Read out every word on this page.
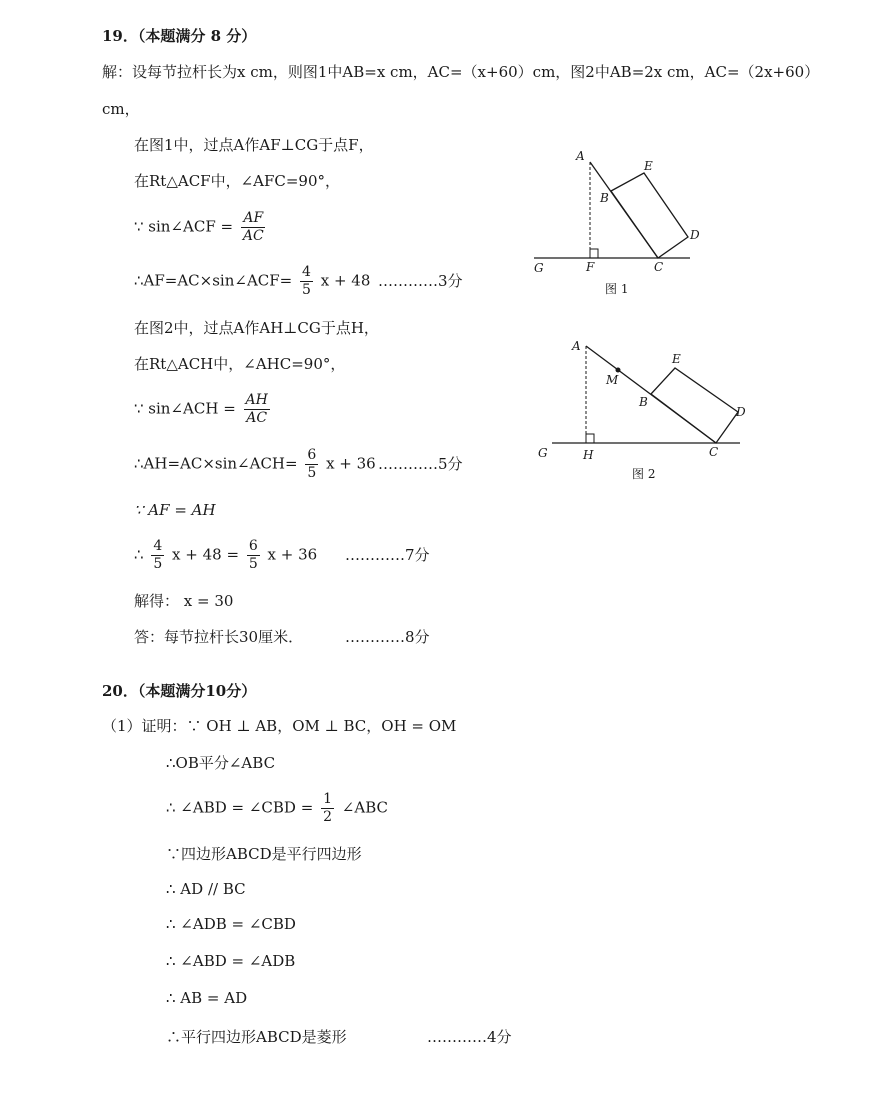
19．（本题满分 8 分）
解：设每节拉杆长为x cm，则图1中AB=x cm，AC=（x+60）cm，图2中AB=2x cm，AC=（2x+60）
cm，
在图1中，过点A作AF⊥CG于点F，
在Rt△ACF中，∠AFC=90°，
∵ sin∠ACF = $\frac{AF}{AC}$
∴AF=AC×sin∠ACF= $\frac{4}{5}$ x + 48 …………3分
在图2中，过点A作AH⊥CG于点H，
在Rt△ACH中，∠AHC=90°，
∵ sin∠ACH = $\frac{AH}{AC}$
∴AH=AC×sin∠ACH= $\frac{6}{5}$ x + 36 …………5分
∵ AF = AH
∴ $\frac{4}{5}$ $x + 48 = \frac{6}{5}$ x + 36 …………7分
解得： x = 30
答：每节拉杆长30厘米．	…………8分
A
B
E
D
C
F
G
图 1
A
M
B
E
D
C
H
G
图 2
20．（本题满分10分）
（1）证明：∵ OH ⊥ AB，OM ⊥ BC，OH = OM
∴OB平分∠ABC
∴ ∠ABD = ∠CBD = $\frac{1}{2}$ ∠ABC
∵四边形ABCD是平行四边形
∴ AD // BC
∴ ∠ADB = ∠CBD
∴ ∠ABD = ∠ADB
∴ AB = AD
∴平行四边形ABCD是菱形	…………4分
